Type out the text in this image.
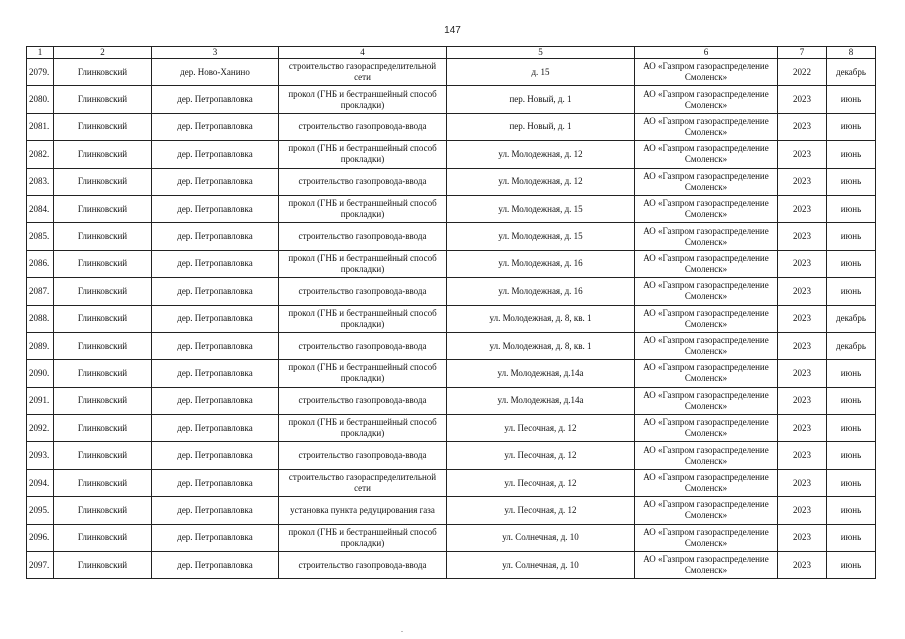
147
1	2	3	4	5	6	7	8
2079.	Глинковский	дер. Ново-Ханино	строительство газораспределительной сети	д. 15	АО «Газпром газораспределение Смоленск»	2022	декабрь
2080.	Глинковский	дер. Петропавловка	прокол (ГНБ и бестраншейный способ прокладки)	пер. Новый, д. 1	АО «Газпром газораспределение Смоленск»	2023	июнь
2081.	Глинковский	дер. Петропавловка	строительство газопровода-ввода	пер. Новый, д. 1	АО «Газпром газораспределение Смоленск»	2023	июнь
2082.	Глинковский	дер. Петропавловка	прокол (ГНБ и бестраншейный способ прокладки)	ул. Молодежная, д. 12	АО «Газпром газораспределение Смоленск»	2023	июнь
2083.	Глинковский	дер. Петропавловка	строительство газопровода-ввода	ул. Молодежная, д. 12	АО «Газпром газораспределение Смоленск»	2023	июнь
2084.	Глинковский	дер. Петропавловка	прокол (ГНБ и бестраншейный способ прокладки)	ул. Молодежная, д. 15	АО «Газпром газораспределение Смоленск»	2023	июнь
2085.	Глинковский	дер. Петропавловка	строительство газопровода-ввода	ул. Молодежная, д. 15	АО «Газпром газораспределение Смоленск»	2023	июнь
2086.	Глинковский	дер. Петропавловка	прокол (ГНБ и бестраншейный способ прокладки)	ул. Молодежная, д. 16	АО «Газпром газораспределение Смоленск»	2023	июнь
2087.	Глинковский	дер. Петропавловка	строительство газопровода-ввода	ул. Молодежная, д. 16	АО «Газпром газораспределение Смоленск»	2023	июнь
2088.	Глинковский	дер. Петропавловка	прокол (ГНБ и бестраншейный способ прокладки)	ул. Молодежная, д. 8, кв. 1	АО «Газпром газораспределение Смоленск»	2023	декабрь
2089.	Глинковский	дер. Петропавловка	строительство газопровода-ввода	ул. Молодежная, д. 8, кв. 1	АО «Газпром газораспределение Смоленск»	2023	декабрь
2090.	Глинковский	дер. Петропавловка	прокол (ГНБ и бестраншейный способ прокладки)	ул. Молодежная, д.14а	АО «Газпром газораспределение Смоленск»	2023	июнь
2091.	Глинковский	дер. Петропавловка	строительство газопровода-ввода	ул. Молодежная, д.14а	АО «Газпром газораспределение Смоленск»	2023	июнь
2092.	Глинковский	дер. Петропавловка	прокол (ГНБ и бестраншейный способ прокладки)	ул. Песочная, д. 12	АО «Газпром газораспределение Смоленск»	2023	июнь
2093.	Глинковский	дер. Петропавловка	строительство газопровода-ввода	ул. Песочная, д. 12	АО «Газпром газораспределение Смоленск»	2023	июнь
2094.	Глинковский	дер. Петропавловка	строительство газораспределительной сети	ул. Песочная, д. 12	АО «Газпром газораспределение Смоленск»	2023	июнь
2095.	Глинковский	дер. Петропавловка	установка пункта редуцирования газа	ул. Песочная, д. 12	АО «Газпром газораспределение Смоленск»	2023	июнь
2096.	Глинковский	дер. Петропавловка	прокол (ГНБ и бестраншейный способ прокладки)	ул. Солнечная, д. 10	АО «Газпром газораспределение Смоленск»	2023	июнь
2097.	Глинковский	дер. Петропавловка	строительство газопровода-ввода	ул. Солнечная, д. 10	АО «Газпром газораспределение Смоленск»	2023	июнь
